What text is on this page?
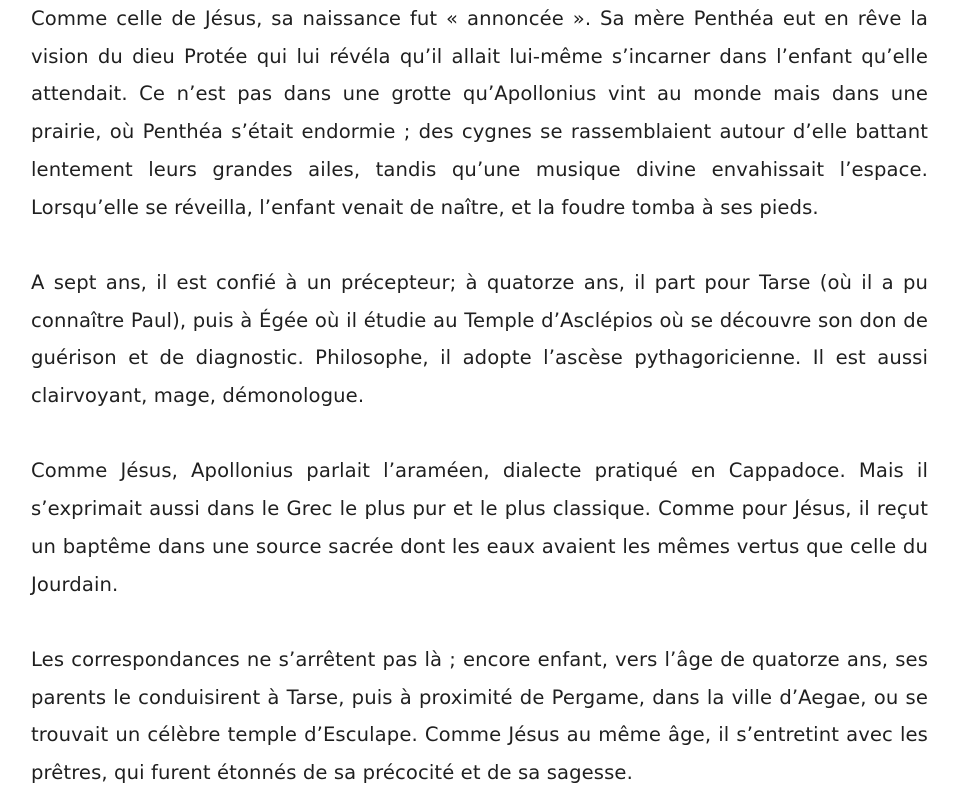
Comme celle de Jésus, sa naissance fut « annoncée ». Sa mère Penthéa eut en rêve la vision du dieu Protée qui lui révéla qu’il allait lui-même s’incarner dans l’enfant qu’elle attendait. Ce n’est pas dans une grotte qu’Apollonius vint au monde mais dans une prairie, où Penthéa s’était endormie ; des cygnes se rassemblaient autour d’elle battant lentement leurs grandes ailes, tandis qu’une musique divine envahissait l’espace. Lorsqu’elle se réveilla, l’enfant venait de naître, et la foudre tomba à ses pieds.

A sept ans, il est confié à un précepteur; à quatorze ans, il part pour Tarse (où il a pu connaître Paul), puis à Égée où il étudie au Temple d’Asclépios où se découvre son don de guérison et de diagnostic. Philosophe, il adopte l’ascèse pythagoricienne. Il est aussi clairvoyant, mage, démonologue.

Comme Jésus, Apollonius parlait l’araméen, dialecte pratiqué en Cappadoce. Mais il s’exprimait aussi dans le Grec le plus pur et le plus classique. Comme pour Jésus, il reçut un baptême dans une source sacrée dont les eaux avaient les mêmes vertus que celle du Jourdain.

Les correspondances ne s’arrêtent pas là ; encore enfant, vers l’âge de quatorze ans, ses parents le conduisirent à Tarse, puis à proximité de Pergame, dans la ville d’Aegae, ou se trouvait un célèbre temple d’Esculape. Comme Jésus au même âge, il s’entretint avec les prêtres, qui furent étonnés de sa précocité et de sa sagesse.
